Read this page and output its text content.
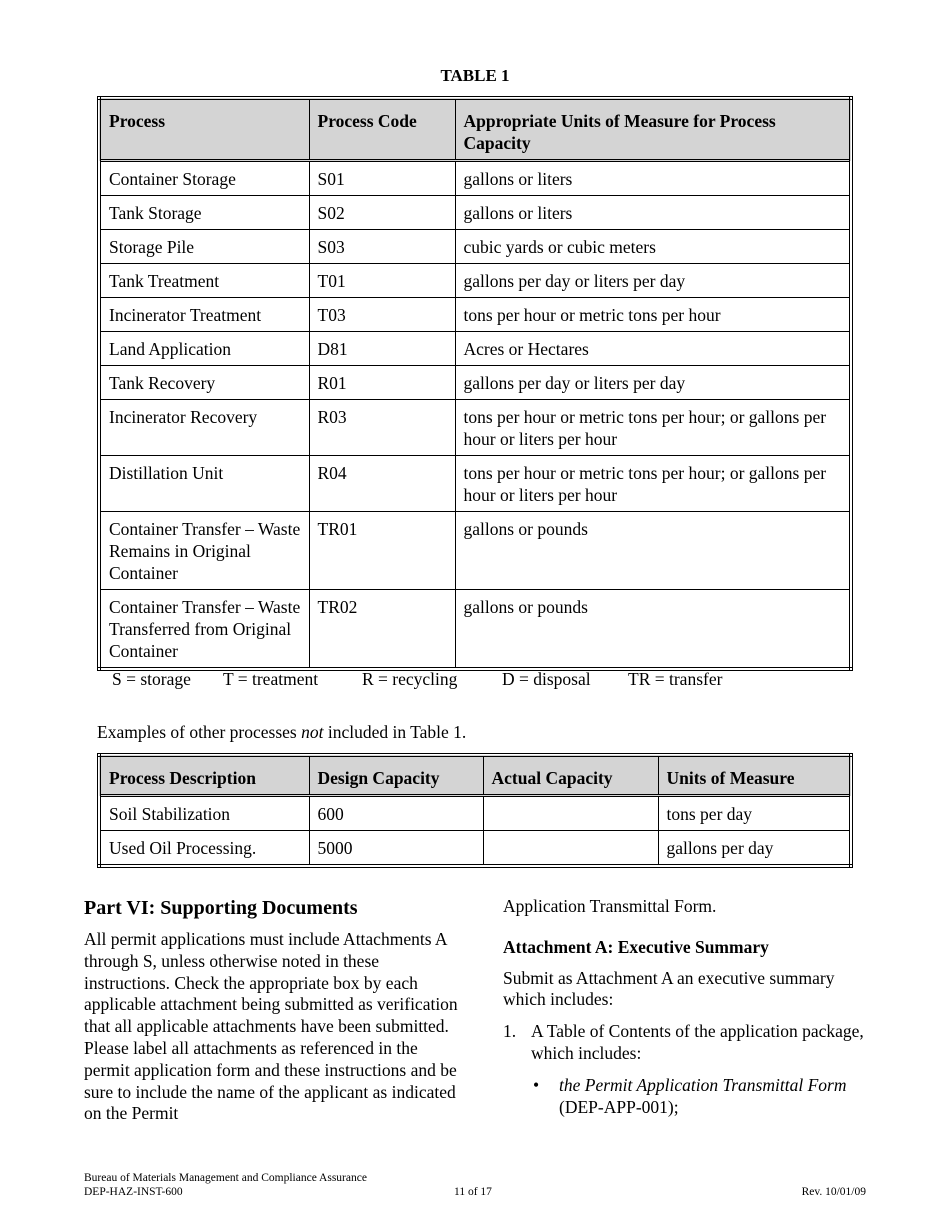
TABLE 1
Process	Process Code	Appropriate Units of Measure for Process Capacity
Container Storage	S01	gallons or liters
Tank Storage	S02	gallons or liters
Storage Pile	S03	cubic yards or cubic meters
Tank Treatment	T01	gallons per day or liters per day
Incinerator Treatment	T03	tons per hour or metric tons per hour
Land Application	D81	Acres or Hectares
Tank Recovery	R01	gallons per day or liters per day
Incinerator Recovery	R03	tons per hour or metric tons per hour; or gallons per hour or liters per hour
Distillation Unit	R04	tons per hour or metric tons per hour; or gallons per hour or liters per hour
Container Transfer – Waste Remains in Original Container	TR01	gallons or pounds
Container Transfer – Waste Transferred from Original Container	TR02	gallons or pounds
S = storage	T = treatment	R = recycling	D = disposal	TR = transfer
Examples of other processes not included in Table 1.
Process Description	Design Capacity	Actual Capacity	Units of Measure
Soil Stabilization	600		tons per day
Used Oil Processing.	5000		gallons per day
Part VI: Supporting Documents

All permit applications must include Attachments A through S, unless otherwise noted in these instructions. Check the appropriate box by each applicable attachment being submitted as verification that all applicable attachments have been submitted. Please label all attachments as referenced in the permit application form and these instructions and be sure to include the name of the applicant as indicated on the Permit

Application Transmittal Form.

Attachment A: Executive Summary

Submit as Attachment A an executive summary which includes:

1. A Table of Contents of the application package, which includes:
• the Permit Application Transmittal Form (DEP-APP-001);
Bureau of Materials Management and Compliance Assurance
DEP-HAZ-INST-600	Rev. 10/01/09
11 of 17
